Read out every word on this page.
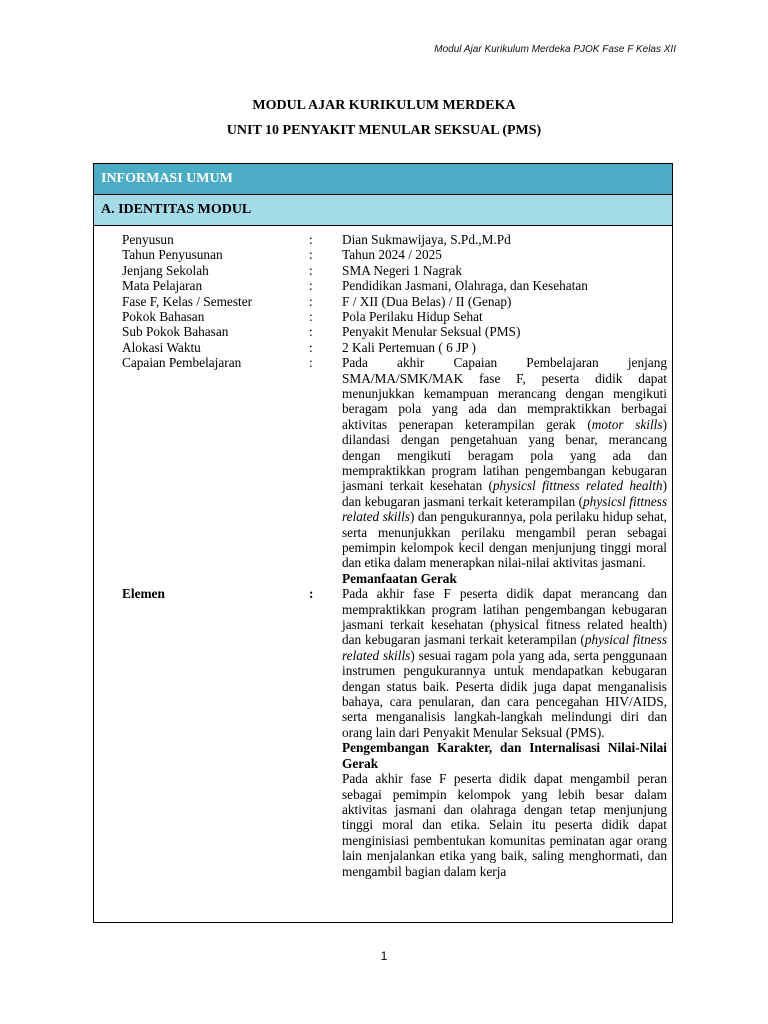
Modul Ajar Kurikulum Merdeka PJOK Fase F Kelas XII
MODUL AJAR KURIKULUM MERDEKA
UNIT 10 PENYAKIT MENULAR SEKSUAL (PMS)
INFORMASI UMUM
A. IDENTITAS MODUL
Penyusun	: Dian Sukmawijaya, S.Pd.,M.Pd
Tahun Penyusunan	: Tahun 2024 / 2025
Jenjang Sekolah	: SMA Negeri 1 Nagrak
Mata Pelajaran	: Pendidikan Jasmani, Olahraga, dan Kesehatan
Fase F, Kelas / Semester	: F / XII (Dua Belas) / II (Genap)
Pokok Bahasan	: Pola Perilaku Hidup Sehat
Sub Pokok Bahasan	: Penyakit Menular Seksual (PMS)
Alokasi Waktu	: 2 Kali Pertemuan ( 6 JP )
Capaian Pembelajaran	: Pada akhir Capaian Pembelajaran jenjang SMA/MA/SMK/MAK fase F, peserta didik dapat menunjukkan kemampuan merancang dengan mengikuti beragam pola yang ada dan mempraktikkan berbagai aktivitas penerapan keterampilan gerak (motor skills) dilandasi dengan pengetahuan yang benar, merancang dengan mengikuti beragam pola yang ada dan mempraktikkan program latihan pengembangan kebugaran jasmani terkait kesehatan (physicsl fittness related health) dan kebugaran jasmani terkait keterampilan (physicsl fittness related skills) dan pengukurannya, pola perilaku hidup sehat, serta menunjukkan perilaku mengambil peran sebagai pemimpin kelompok kecil dengan menjunjung tinggi moral dan etika dalam menerapkan nilai-nilai aktivitas jasmani.
Pemanfaatan Gerak
Elemen	: Pada akhir fase F peserta didik dapat merancang dan mempraktikkan program latihan pengembangan kebugaran jasmani terkait kesehatan (physical fitness related health) dan kebugaran jasmani terkait keterampilan (physical fitness related skills) sesuai ragam pola yang ada, serta penggunaan instrumen pengukurannya untuk mendapatkan kebugaran dengan status baik. Peserta didik juga dapat menganalisis bahaya, cara penularan, dan cara pencegahan HIV/AIDS, serta menganalisis langkah-langkah melindungi diri dan orang lain dari Penyakit Menular Seksual (PMS).
Pengembangan Karakter, dan Internalisasi Nilai-Nilai Gerak
Pada akhir fase F peserta didik dapat mengambil peran sebagai pemimpin kelompok yang lebih besar dalam aktivitas jasmani dan olahraga dengan tetap menjunjung tinggi moral dan etika. Selain itu peserta didik dapat menginisiasi pembentukan komunitas peminatan agar orang lain menjalankan etika yang baik, saling menghormati, dan mengambil bagian dalam kerja
1
